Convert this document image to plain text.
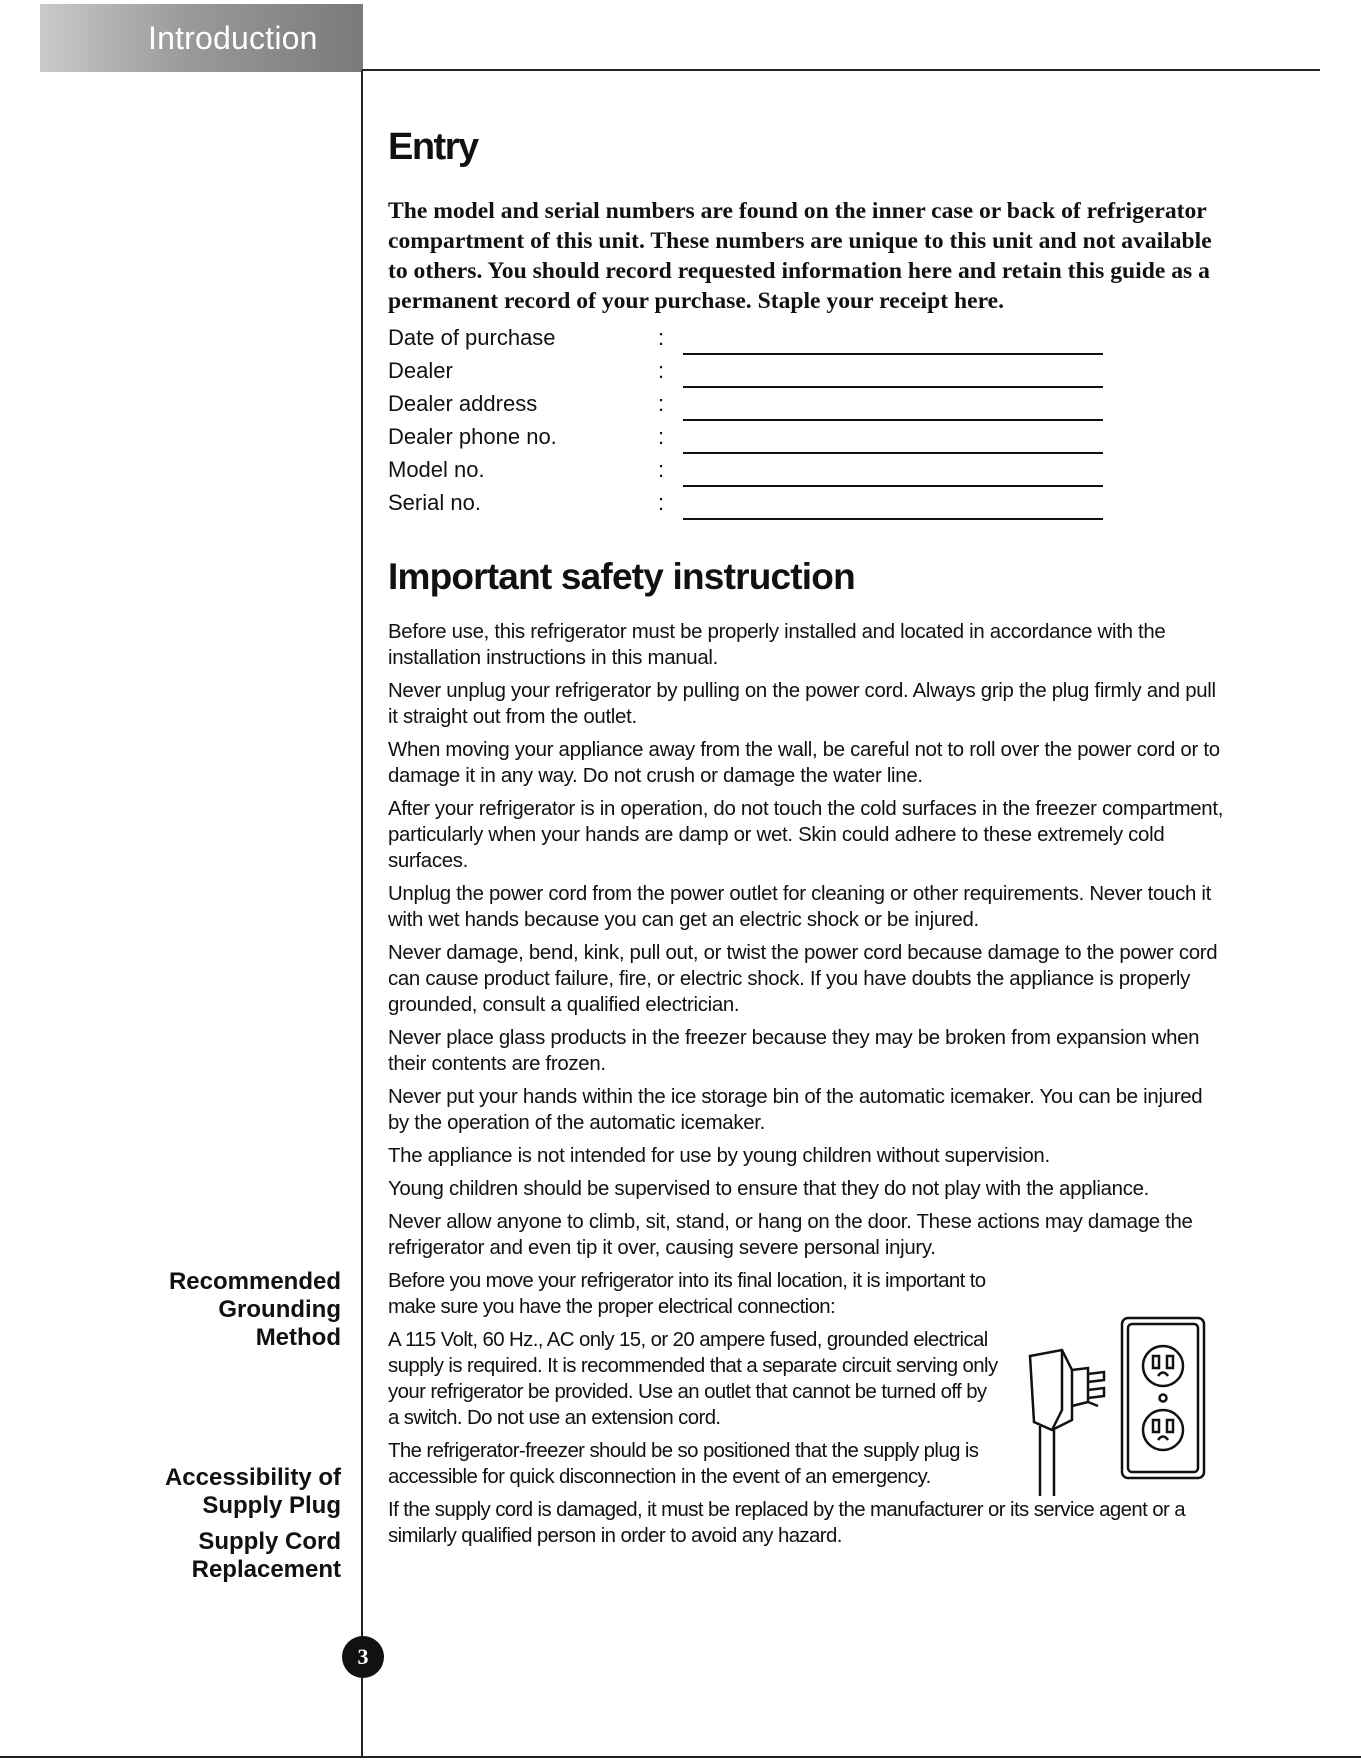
Introduction
Entry

The model and serial numbers are found on the inner case or back of refrigerator compartment of this unit. These numbers are unique to this unit and not available to others. You should record requested information here and retain this guide as a permanent record of your purchase. Staple your receipt here.

Date of purchase	:
Dealer	:
Dealer address	:
Dealer phone no.	:
Model no.	:
Serial no.	:
Important safety instruction

Before use, this refrigerator must be properly installed and located in accordance with the installation instructions in this manual.

Never unplug your refrigerator by pulling on the power cord. Always grip the plug firmly and pull it straight out from the outlet.

When moving your appliance away from the wall, be careful not to roll over the power cord or to damage it in any way. Do not crush or damage the water line.

After your refrigerator is in operation, do not touch the cold surfaces in the freezer compartment, particularly when your hands are damp or wet. Skin could adhere to these extremely cold surfaces.

Unplug the power cord from the power outlet for cleaning or other requirements. Never touch it with wet hands because you can get an electric shock or be injured.

Never damage, bend, kink, pull out, or twist the power cord because damage to the power cord can cause product failure, fire, or electric shock. If you have doubts the appliance is properly grounded, consult a qualified electrician.

Never place glass products in the freezer because they may be broken from expansion when their contents are frozen.

Never put your hands within the ice storage bin of the automatic icemaker. You can be injured by the operation of the automatic icemaker.

The appliance is not intended for use by young children without supervision.

Young children should be supervised to ensure that they do not play with the appliance.

Never allow anyone to climb, sit, stand, or hang on the door. These actions may damage the refrigerator and even tip it over, causing severe personal injury.

Recommended
Grounding
Method
Accessibility of
Supply Plug
Supply Cord
Replacement

Before you move your refrigerator into its final location, it is important to make sure you have the proper electrical connection:

A 115 Volt, 60 Hz., AC only 15, or 20 ampere fused, grounded electrical supply is required. It is recommended that a separate circuit serving only your refrigerator be provided. Use an outlet that cannot be turned off by a switch. Do not use an extension cord.

The refrigerator-freezer should be so positioned that the supply plug is accessible for quick disconnection in the event of an emergency.

If the supply cord is damaged, it must be replaced by the manufacturer or its service agent or a similarly qualified person in order to avoid any hazard.

3
